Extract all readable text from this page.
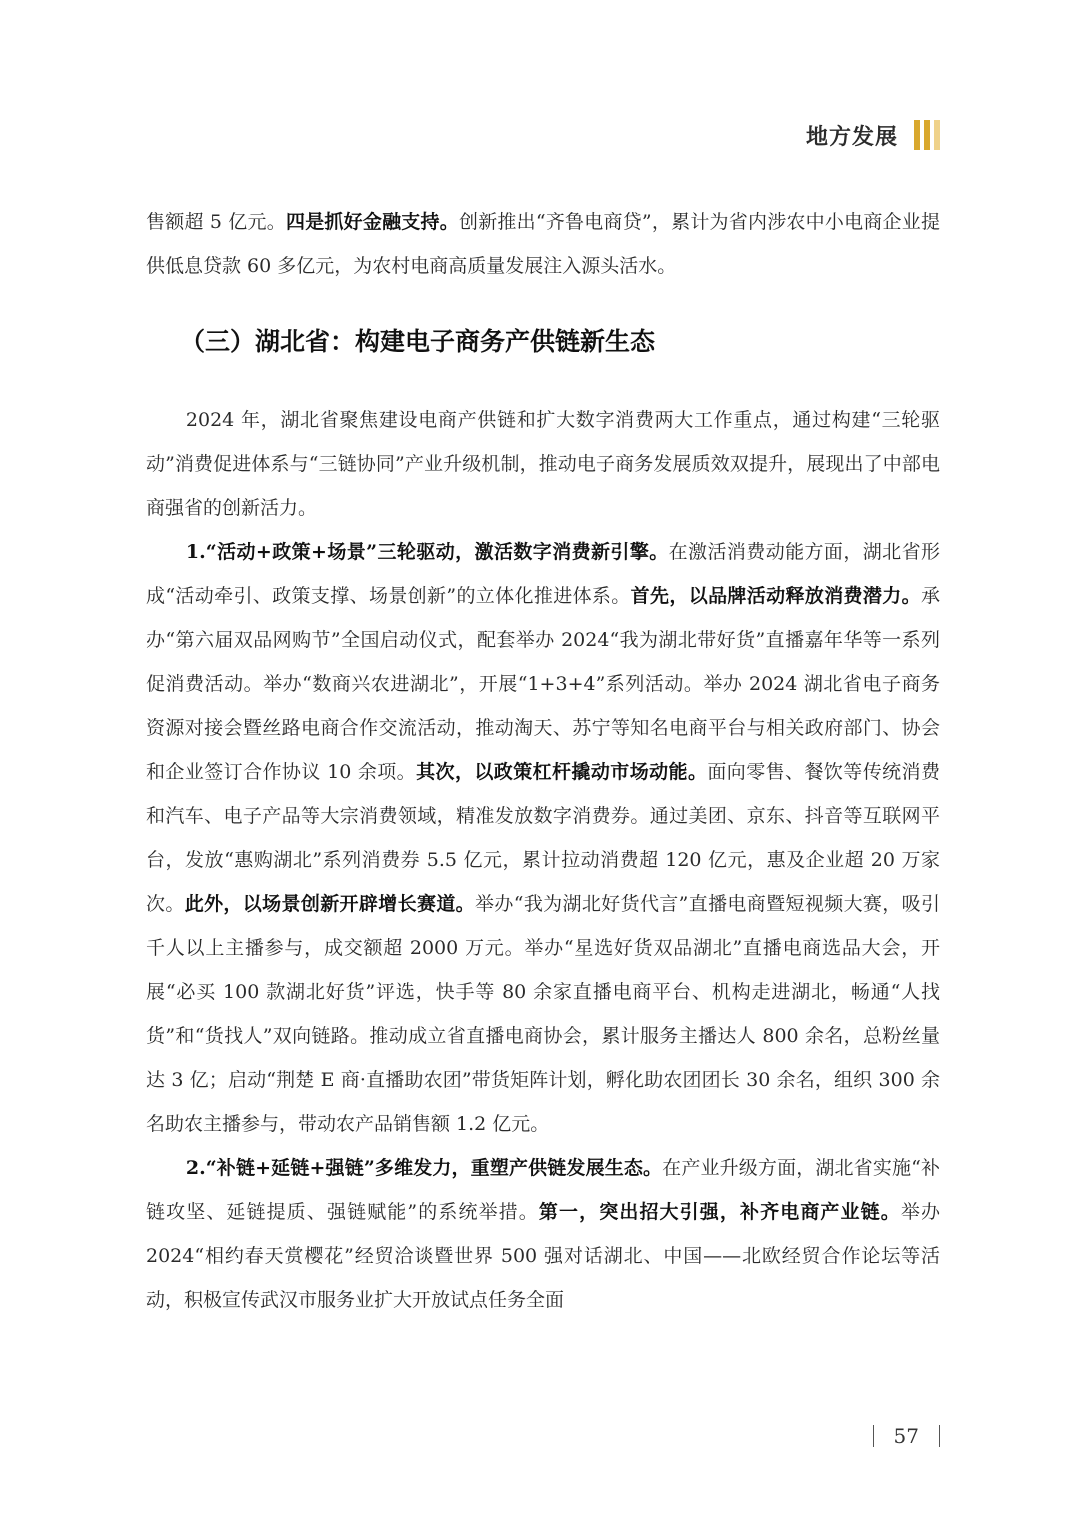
地方发展

售额超 5 亿元。四是抓好金融支持。创新推出“齐鲁电商贷”，累计为省内涉农中小电商企业提供低息贷款 60 多亿元，为农村电商高质量发展注入源头活水。

（三）湖北省：构建电子商务产供链新生态

2024 年，湖北省聚焦建设电商产供链和扩大数字消费两大工作重点，通过构建“三轮驱动”消费促进体系与“三链协同”产业升级机制，推动电子商务发展质效双提升，展现出了中部电商强省的创新活力。

1.“活动+政策+场景”三轮驱动，激活数字消费新引擎。在激活消费动能方面，湖北省形成“活动牵引、政策支撑、场景创新”的立体化推进体系。首先，以品牌活动释放消费潜力。承办“第六届双品网购节”全国启动仪式，配套举办 2024“我为湖北带好货”直播嘉年华等一系列促消费活动。举办“数商兴农进湖北”，开展“1+3+4”系列活动。举办 2024 湖北省电子商务资源对接会暨丝路电商合作交流活动，推动淘天、苏宁等知名电商平台与相关政府部门、协会和企业签订合作协议 10 余项。其次，以政策杠杆撬动市场动能。面向零售、餐饮等传统消费和汽车、电子产品等大宗消费领域，精准发放数字消费券。通过美团、京东、抖音等互联网平台，发放“惠购湖北”系列消费券 5.5 亿元，累计拉动消费超 120 亿元，惠及企业超 20 万家次。此外，以场景创新开辟增长赛道。举办“我为湖北好货代言”直播电商暨短视频大赛，吸引千人以上主播参与，成交额超 2000 万元。举办“星选好货双品湖北”直播电商选品大会，开展“必买 100 款湖北好货”评选，快手等 80 余家直播电商平台、机构走进湖北，畅通“人找货”和“货找人”双向链路。推动成立省直播电商协会，累计服务主播达人 800 余名，总粉丝量达 3 亿；启动“荆楚 E 商·直播助农团”带货矩阵计划，孵化助农团团长 30 余名，组织 300 余名助农主播参与，带动农产品销售额 1.2 亿元。

2.“补链+延链+强链”多维发力，重塑产供链发展生态。在产业升级方面，湖北省实施“补链攻坚、延链提质、强链赋能”的系统举措。第一，突出招大引强，补齐电商产业链。举办 2024“相约春天赏樱花”经贸洽谈暨世界 500 强对话湖北、中国——北欧经贸合作论坛等活动，积极宣传武汉市服务业扩大开放试点任务全面

57
